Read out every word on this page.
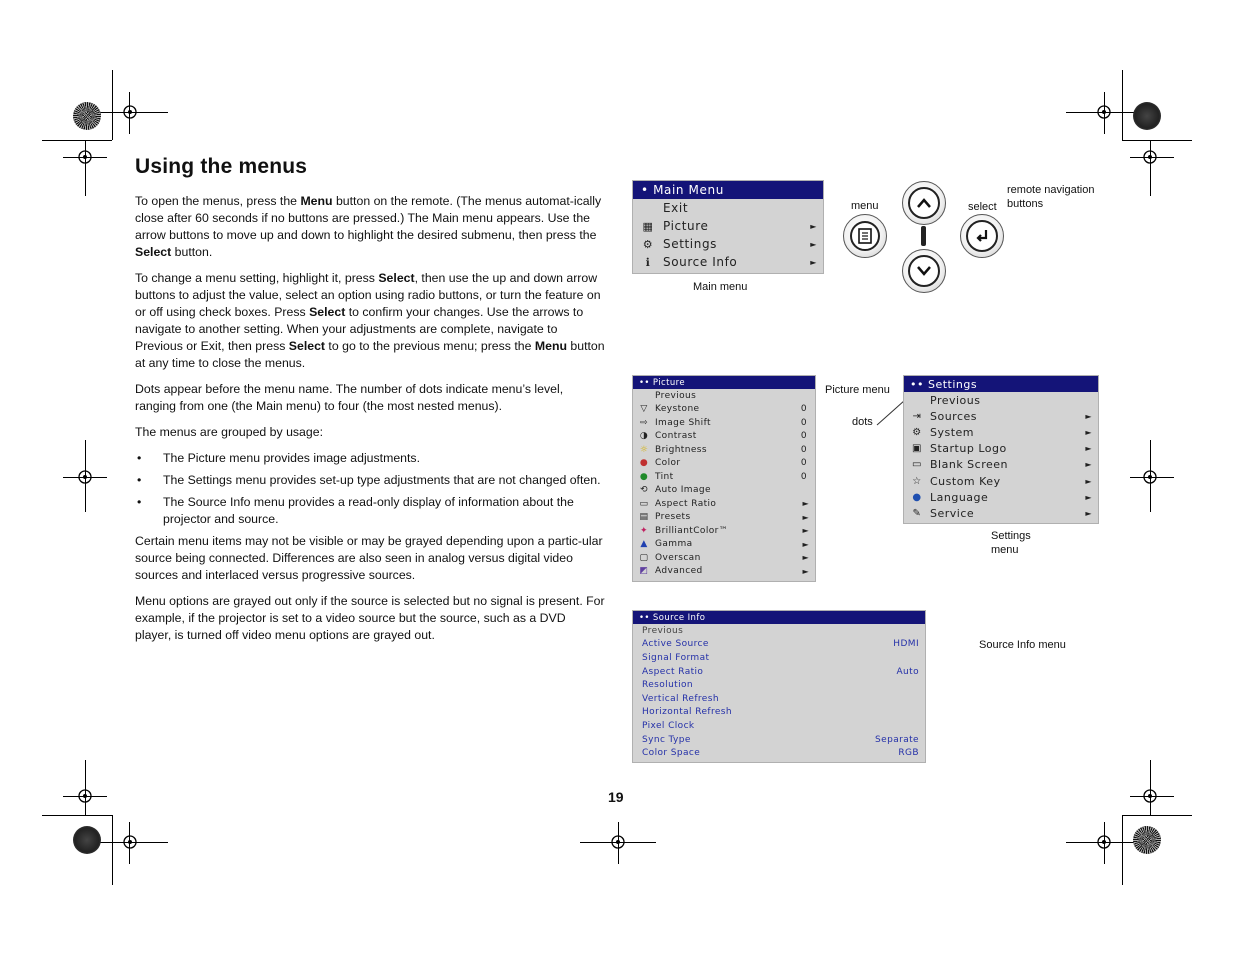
Using the menus

To open the menus, press the Menu button on the remote. (The menus automat-ically close after 60 seconds if no buttons are pressed.) The Main menu appears. Use the arrow buttons to move up and down to highlight the desired submenu, then press the Select button.

To change a menu setting, highlight it, press Select, then use the up and down arrow buttons to adjust the value, select an option using radio buttons, or turn the feature on or off using check boxes. Press Select to confirm your changes. Use the arrows to navigate to another setting. When your adjustments are complete, navigate to Previous or Exit, then press Select to go to the previous menu; press the Menu button at any time to close the menus.

Dots appear before the menu name. The number of dots indicate menu’s level, ranging from one (the Main menu) to four (the most nested menus).

The menus are grouped by usage:

• The Picture menu provides image adjustments.
• The Settings menu provides set-up type adjustments that are not changed often.
• The Source Info menu provides a read-only display of information about the projector and source.

Certain menu items may not be visible or may be grayed depending upon a partic-ular source being connected. Differences are also seen in analog versus digital video sources and interlaced versus progressive sources.

Menu options are grayed out only if the source is selected but no signal is present. For example, if the projector is set to a video source but the source, such as a DVD player, is turned off video menu options are grayed out.

• Main Menu
Exit
▦ Picture	►
⚙ Settings	►
ℹ	Source Info	►
Main menu
menu	select
remote navigation buttons
•• Picture
Previous
▽ Keystone	0
⇨ Image Shift	0
◑ Contrast	0
☼ Brightness	0
● Color	0
● Tint	0
⟲ Auto Image
▭ Aspect Ratio	►
▤ Presets	►
✦ BrilliantColor™	►
▲ Gamma	►
▢ Overscan	►
◩ Advanced	►
Picture menu
dots
•• Settings
Previous
⇥ Sources	►
⚙ System	►
▣ Startup Logo	►
▭ Blank Screen	►
☆ Custom Key	►
● Language	►
✎ Service	►
Settings menu
•• Source Info
Previous
Active Source	HDMI
Signal Format
Aspect Ratio	Auto
Resolution
Vertical Refresh
Horizontal Refresh
Pixel Clock
Sync Type	Separate
Color Space	RGB
Source Info menu
19
